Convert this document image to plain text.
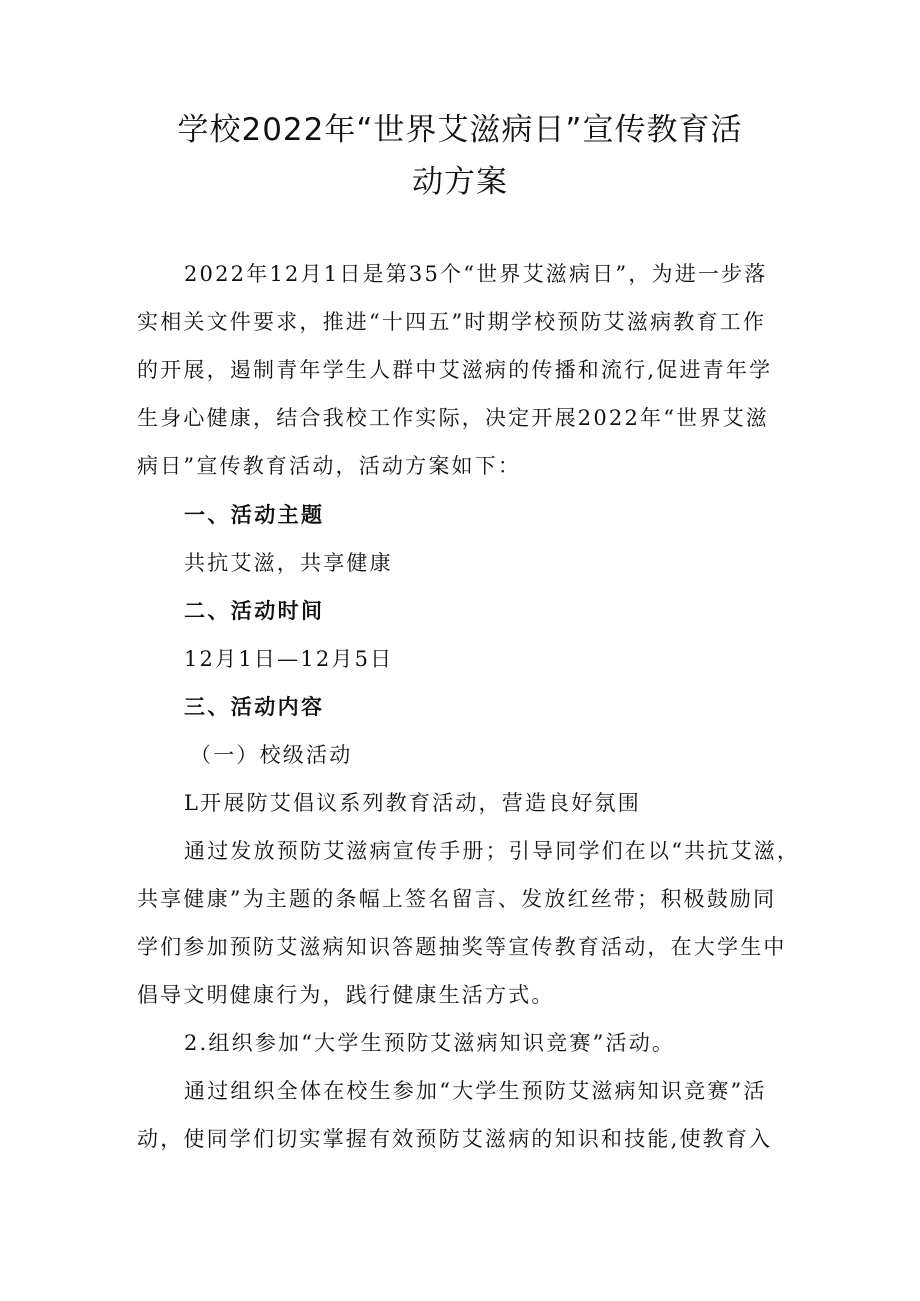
学校2022年“世界艾滋病日”宣传教育活
动方案

2022年12月1日是第35个“世界艾滋病日”，为进一步落

实相关文件要求，推进“十四五”时期学校预防艾滋病教育工作

的开展，遏制青年学生人群中艾滋病的传播和流行,促进青年学

生身心健康，结合我校工作实际，决定开展2022年“世界艾滋

病日”宣传教育活动，活动方案如下：

一、活动主题

共抗艾滋，共享健康

二、活动时间

12月1日—12月5日

三、活动内容

（一）校级活动

L开展防艾倡议系列教育活动，营造良好氛围

通过发放预防艾滋病宣传手册；引导同学们在以“共抗艾滋，

共享健康”为主题的条幅上签名留言、发放红丝带；积极鼓励同

学们参加预防艾滋病知识答题抽奖等宣传教育活动，在大学生中

倡导文明健康行为，践行健康生活方式。

2.组织参加“大学生预防艾滋病知识竞赛”活动。

通过组织全体在校生参加“大学生预防艾滋病知识竞赛”活

动，使同学们切实掌握有效预防艾滋病的知识和技能,使教育入
